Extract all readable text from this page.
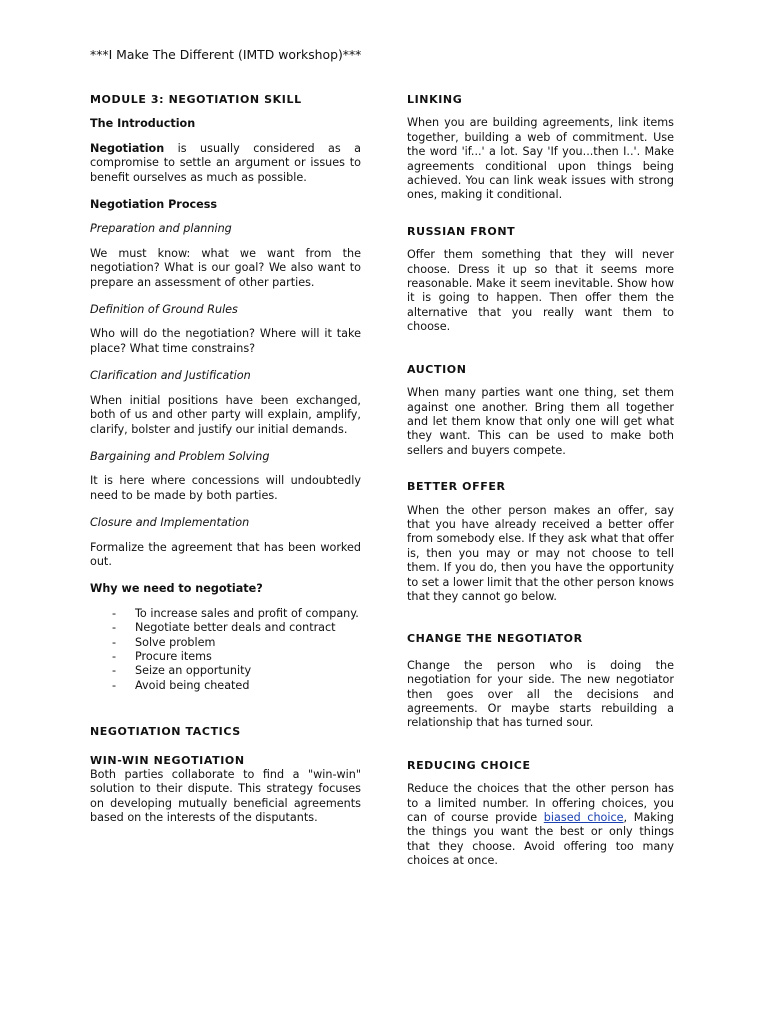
***I Make The Different (IMTD workshop)***
MODULE 3: NEGOTIATION SKILL
The Introduction

Negotiation is usually considered as a compromise to settle an argument or issues to benefit ourselves as much as possible.

Negotiation Process
Preparation and planning

We must know: what we want from the negotiation? What is our goal? We also want to prepare an assessment of other parties.

Definition of Ground Rules

Who will do the negotiation? Where will it take place? What time constrains?

Clarification and Justification

When initial positions have been exchanged, both of us and other party will explain, amplify, clarify, bolster and justify our initial demands.

Bargaining and Problem Solving

It is here where concessions will undoubtedly need to be made by both parties.

Closure and Implementation

Formalize the agreement that has been worked out.

Why we need to negotiate?
- To increase sales and profit of company.
- Negotiate better deals and contract
- Solve problem
- Procure items
- Seize an opportunity
- Avoid being cheated
NEGOTIATION TACTICS
WIN-WIN NEGOTIATION

Both parties collaborate to find a "win-win" solution to their dispute. This strategy focuses on developing mutually beneficial agreements based on the interests of the disputants.

LINKING

When you are building agreements, link items together, building a web of commitment. Use the word 'if...' a lot. Say 'If you...then I..'. Make agreements conditional upon things being achieved. You can link weak issues with strong ones, making it conditional.

RUSSIAN FRONT

Offer them something that they will never choose. Dress it up so that it seems more reasonable. Make it seem inevitable. Show how it is going to happen. Then offer them the alternative that you really want them to choose.

AUCTION

When many parties want one thing, set them against one another. Bring them all together and let them know that only one will get what they want. This can be used to make both sellers and buyers compete.

BETTER OFFER

When the other person makes an offer, say that you have already received a better offer from somebody else. If they ask what that offer is, then you may or may not choose to tell them. If you do, then you have the opportunity to set a lower limit that the other person knows that they cannot go below.

CHANGE THE NEGOTIATOR

Change the person who is doing the negotiation for your side. The new negotiator then goes over all the decisions and agreements. Or maybe starts rebuilding a relationship that has turned sour.

REDUCING CHOICE

Reduce the choices that the other person has to a limited number. In offering choices, you can of course provide biased choice, Making the things you want the best or only things that they choose. Avoid offering too many choices at once.
